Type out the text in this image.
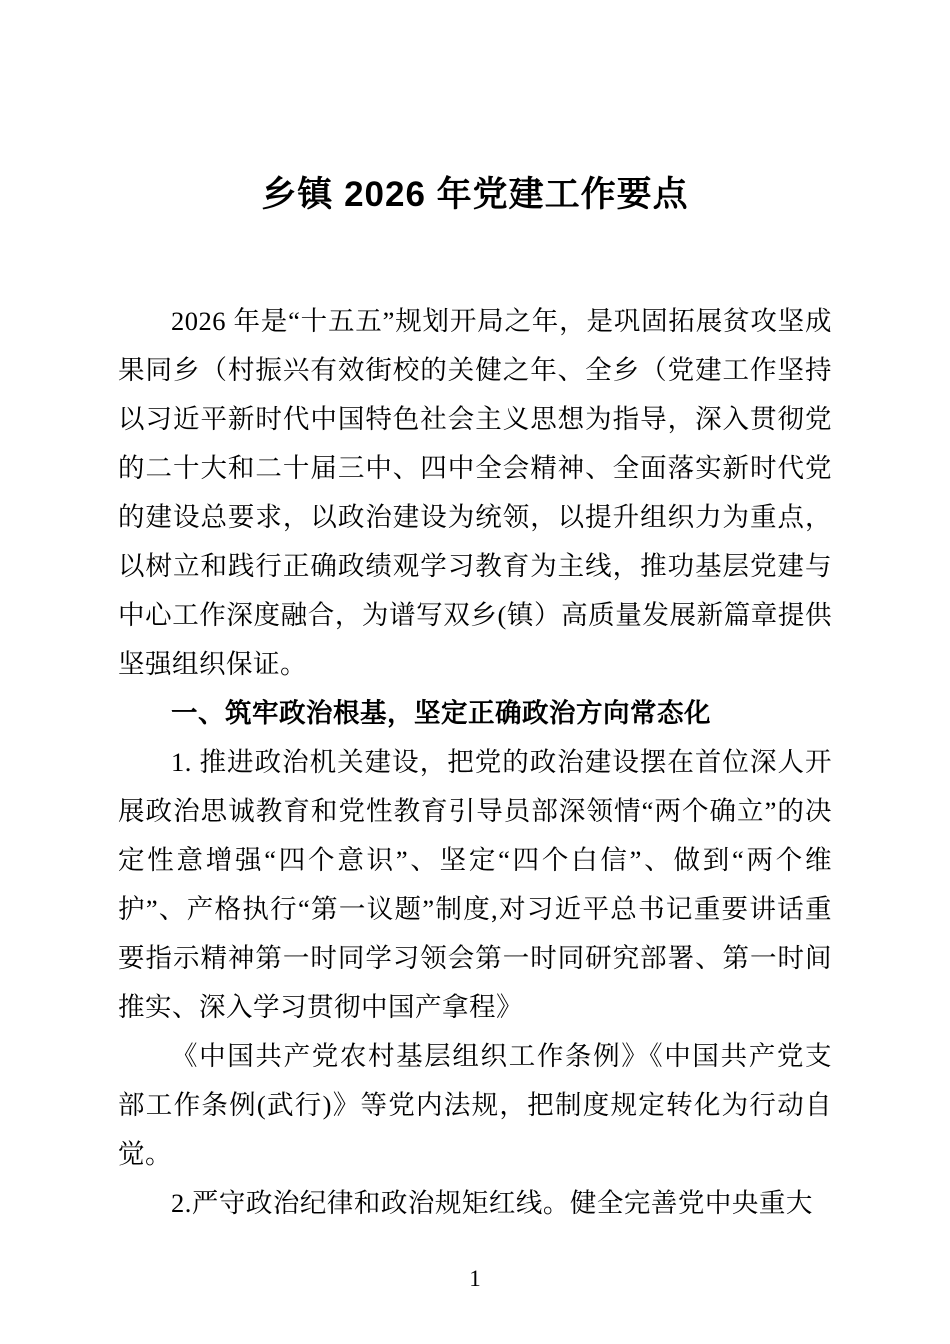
乡镇 2026 年党建工作要点

2026 年是“十五五”规划开局之年，是巩固拓展贫攻坚成果同乡（村振兴有效街校的关健之年、全乡（党建工作坚持以习近平新时代中国特色社会主义思想为指导，深入贯彻党的二十大和二十届三中、四中全会精神、全面落实新时代党的建设总要求，以政治建设为统领，以提升组织力为重点，以树立和践行正确政绩观学习教育为主线，推功基层党建与中心工作深度融合，为谱写双乡(镇）高质量发展新篇章提供坚强组织保证。

一、筑牢政治根基，坚定正确政治方向常态化

1. 推进政治机关建设，把党的政治建设摆在首位深人开展政治思诚教育和党性教育引导员部深领情“两个确立”的决定性意增强“四个意识”、坚定“四个白信”、做到“两个维护”、产格执行“第一议题”制度,对习近平总书记重要讲话重要指示精神第一时同学习领会第一时同研究部署、第一时间推实、深入学习贯彻中国产拿程》

《中国共产党农村基层组织工作条例》《中国共产党支部工作条例(武行)》等党内法规，把制度规定转化为行动自觉。

2.严守政治纪律和政治规矩红线。健全完善党中央重大

1
